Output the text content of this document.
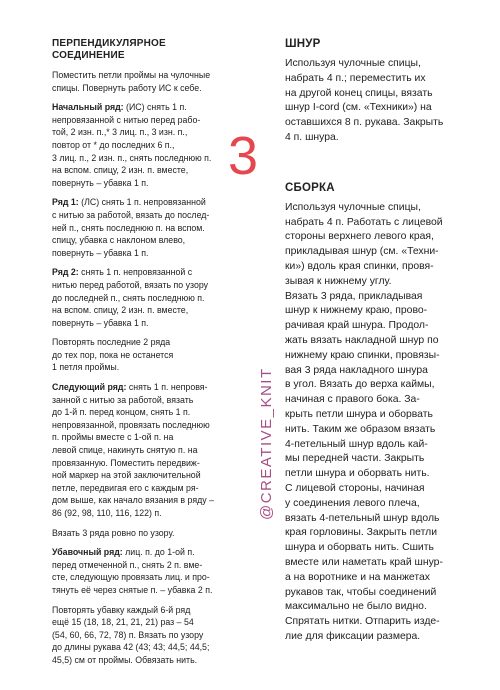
ПЕРПЕНДИКУЛЯРНОЕ
СОЕДИНЕНИЕ
Поместить петли проймы на чулочные
спицы. Повернуть работу ИС к себе.
Начальный ряд: (ИС) снять 1 п.
непровязанной с нитью перед рабо-
той, 2 изн. п.,* 3 лиц. п., 3 изн. п.,
повтор от * до последних 6 п.,
3 лиц. п., 2 изн. п., снять последнюю п.
на вспом. спицу, 2 изн. п. вместе,
повернуть – убавка 1 п.
Ряд 1: (ЛС) снять 1 п. непровязанной
с нитью за работой, вязать до послед-
ней п., снять последнюю п. на вспом.
спицу, убавка с наклоном влево,
повернуть – убавка 1 п.
Ряд 2: снять 1 п. непровязанной с
нитью перед работой, вязать по узору
до последней п., снять последнюю п.
на вспом. спицу, 2 изн. п. вместе,
повернуть – убавка 1 п.
Повторять последние 2 ряда
до тех пор, пока не останется
1 петля проймы.
Следующий ряд: снять 1 п. непровя-
занной с нитью за работой, вязать
до 1-й п. перед концом, снять 1 п.
непровязанной, провязать последнюю
п. проймы вместе с 1-ой п. на
левой спице, накинуть снятую п. на
провязанную. Поместить передвиж-
ной маркер на этой заключительной
петле, передвигая его с каждым ря-
дом выше, как начало вязания в ряду –
86 (92, 98, 110, 116, 122) п.
Вязать 3 ряда ровно по узору.
Убавочный ряд: лиц. п. до 1-ой п.
перед отмеченной п., снять 2 п. вме-
сте, следующую провязать лиц. и про-
тянуть её через снятые п. – убавка 2 п.
Повторять убавку каждый 6-й ряд
ещё 15 (18, 18, 21, 21, 21) раз – 54
(54, 60, 66, 72, 78) п. Вязать по узору
до длины рукава 42 (43; 43; 44,5; 44,5;
45,5) см от проймы. Обвязать нить.
3
@CREATIVE_KNIT
ШНУР
Используя чулочные спицы,
набрать 4 п.; переместить их
на другой конец спицы, вязать
шнур I-cord (см. «Техники») на
оставшихся 8 п. рукава. Закрыть
4 п. шнура.
СБОРКА
Используя чулочные спицы,
набрать 4 п. Работать с лицевой
стороны верхнего левого края,
прикладывая шнур (см. «Техни-
ки») вдоль края спинки, провя-
зывая к нижнему углу.
Вязать 3 ряда, прикладывая
шнур к нижнему краю, прово-
рачивая край шнура. Продол-
жать вязать накладной шнур по
нижнему краю спинки, провязы-
вая 3 ряда накладного шнура
в угол. Вязать до верха каймы,
начиная с правого бока. За-
крыть петли шнура и оборвать
нить. Таким же образом вязать
4-петельный шнур вдоль кай-
мы передней части. Закрыть
петли шнура и оборвать нить.
С лицевой стороны, начиная
у соединения левого плеча,
вязать 4-петельный шнур вдоль
края горловины. Закрыть петли
шнура и оборвать нить. Сшить
вместе или наметать край шнур-
а на воротнике и на манжетах
рукавов так, чтобы соединений
максимально не было видно.
Спрятать нитки. Отпарить изде-
лие для фиксации размера.
